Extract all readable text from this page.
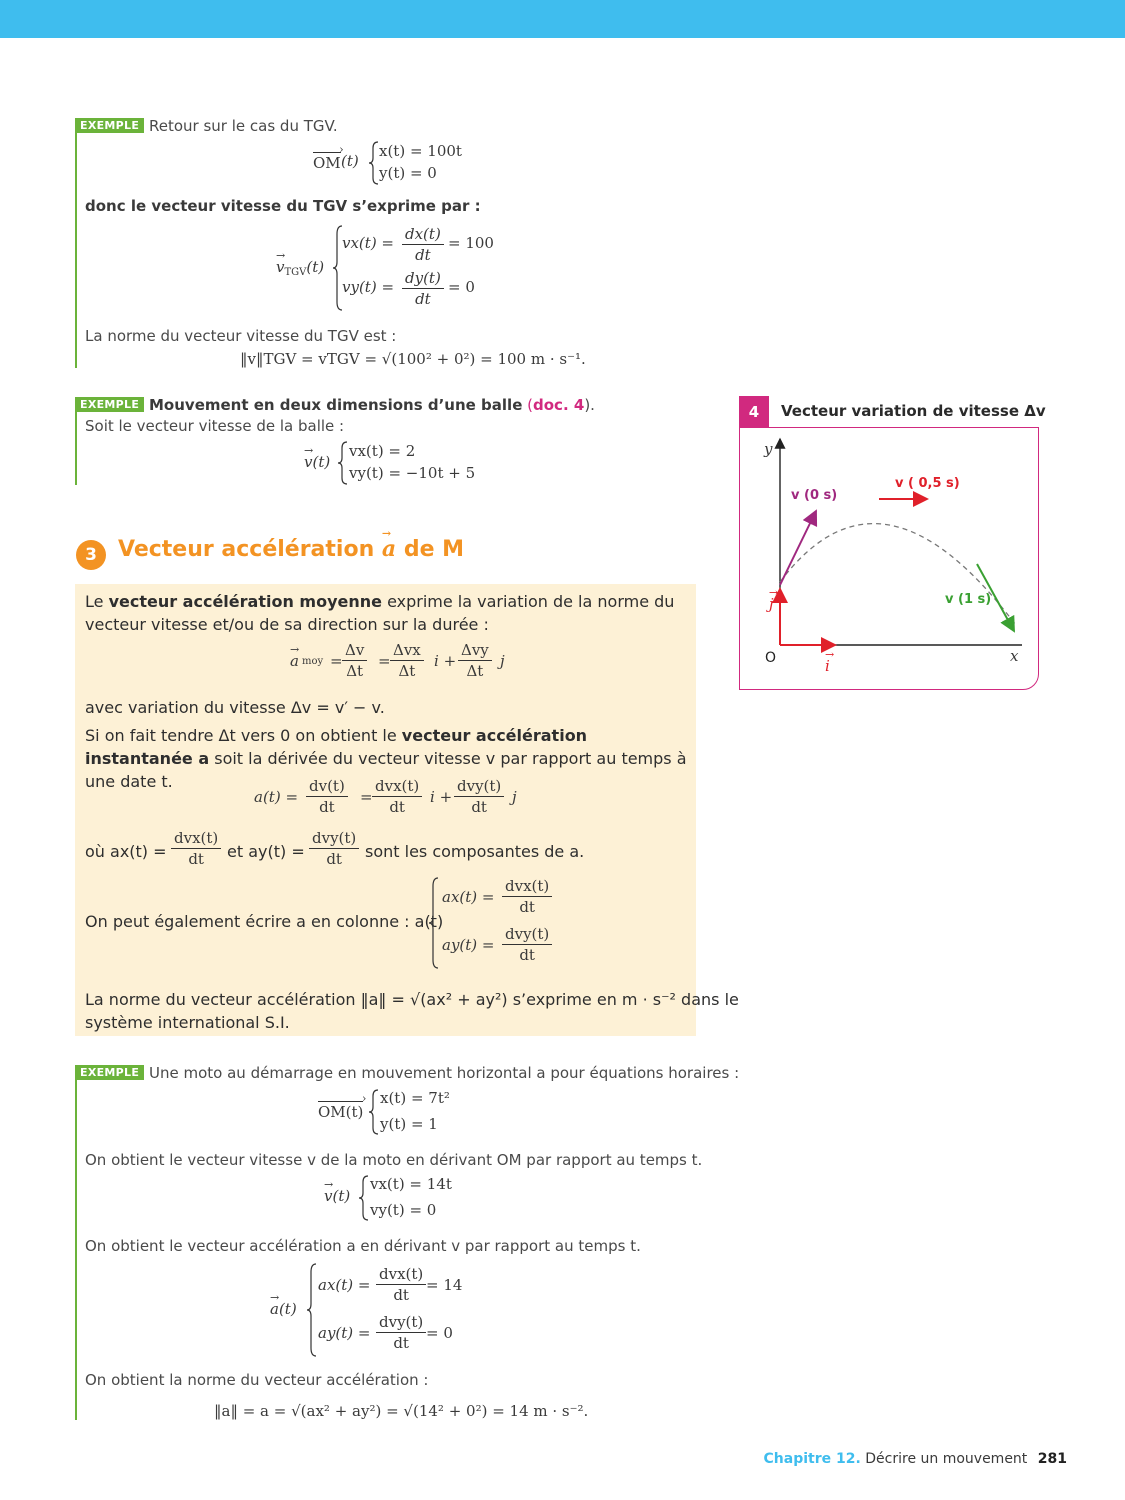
EXEMPLE Retour sur le cas du TGV.
OM › (t)
x(t) = 100t
y(t) = 0
donc le vecteur vitesse du TGV s’exprime par :
→ $v_{TGV}(t)$
$vx(t) = \frac{dx(t)}{dt} = 100$
$vy(t) = \frac{dy(t)}{dt} = 0$
La norme du vecteur vitesse du TGV est :
‖v‖TGV = vTGV = √(100² + 0²) = 100 m · s⁻¹.
EXEMPLE Mouvement en deux dimensions d’une balle (doc. 4).
Soit le vecteur vitesse de la balle :
→ v(t)
vx(t) = 2
vy(t) = −10t + 5
3 Vecteur accélération → a de M
Le vecteur accélération moyenne exprime la variation de la norme du vecteur vitesse et/ou de sa direction sur la durée :
→ a moy = $\frac{\Delta v}{\Delta t}$ =
Δvx
Δt
i +
Δvy
Δt
j
avec variation du vitesse Δv = v′ − v.
Si on fait tendre Δt vers 0 on obtient le vecteur accélération instantanée a soit la dérivée du vecteur vitesse v par rapport au temps à une date t.
$a(t) = \frac{dv(t)}{dt}$ =
dvx(t)
dt
i +
dvy(t)
dt
j
où ax(t) =
dvx(t)
dt	et ay(t) =
dvy(t)
dt	sont les composantes de a.
On peut également écrire a en colonne : a(t)
ax(t) =
dvx(t)
dt
ay(t) =
dvy(t)
dt
La norme du vecteur accélération ‖a‖ = √(ax² + ay²) s’exprime en m · s⁻² dans le
système international S.I.
EXEMPLE Une moto au démarrage en mouvement horizontal a pour équations horaires :
OM(t) ›
x(t) = 7t²
y(t) = 1
On obtient le vecteur vitesse v de la moto en dérivant OM par rapport au temps t.
→ v(t)
vx(t) = 14t
vy(t) = 0
On obtient le vecteur accélération a en dérivant v par rapport au temps t.
→ a(t)
ax(t) =
dvx(t)
dt
= 14
ay(t) =
dvy(t)
dt
= 0
On obtient la norme du vecteur accélération :
‖a‖ = a = √(ax² + ay²) = √(14² + 0²) = 14 m · s⁻².
4	Vecteur variation de vitesse Δv
y
x
O	→ i → j
v (0 s)
v ( 0,5 s)
v (1 s)
Chapitre 12. Décrire un mouvement 281
